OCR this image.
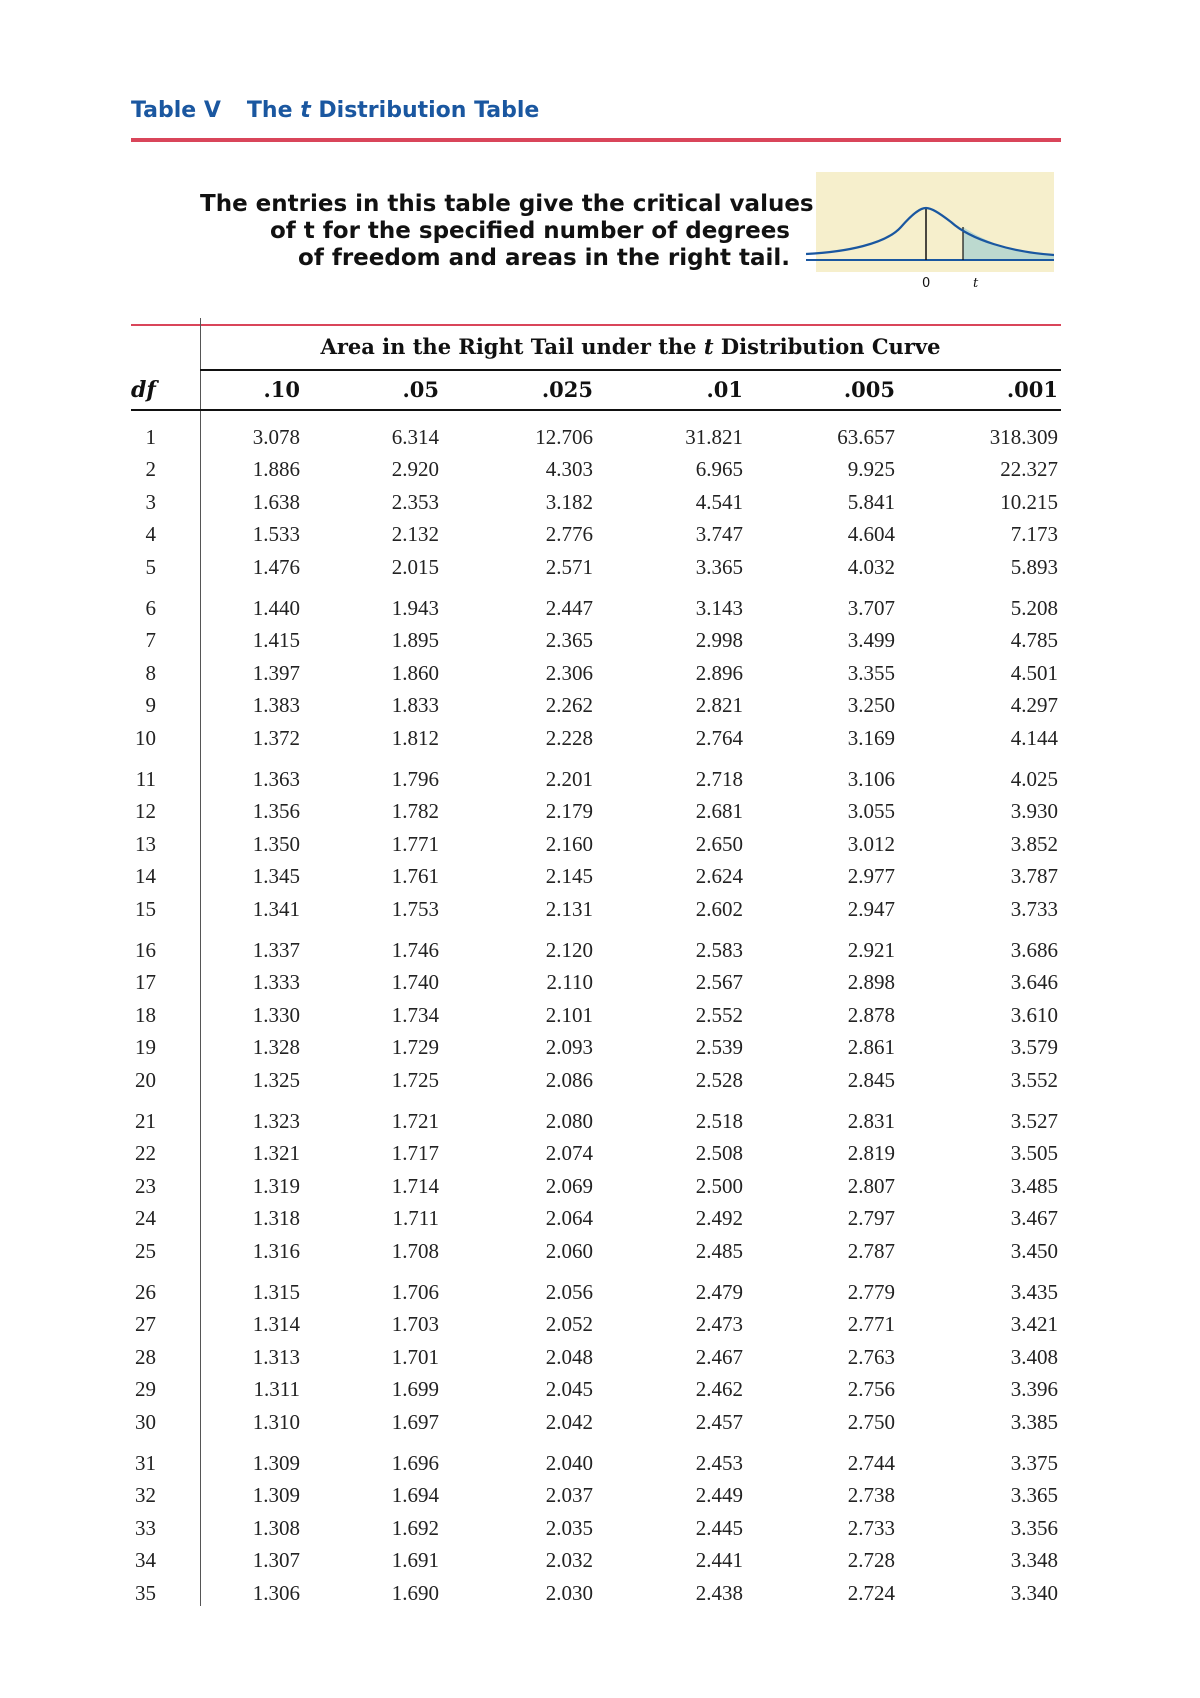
Table V The t Distribution Table
The entries in this table give the critical values
of t for the specified number of degrees
of freedom and areas in the right tail.
0	t
Area in the Right Tail under the t Distribution Curve
df	.10	.05	.025	.01	.005	.001
1	3.078	6.314	12.706	31.821	63.657	318.309
2	1.886	2.920	4.303	6.965	9.925	22.327
3	1.638	2.353	3.182	4.541	5.841	10.215
4	1.533	2.132	2.776	3.747	4.604	7.173
5	1.476	2.015	2.571	3.365	4.032	5.893
6	1.440	1.943	2.447	3.143	3.707	5.208
7	1.415	1.895	2.365	2.998	3.499	4.785
8	1.397	1.860	2.306	2.896	3.355	4.501
9	1.383	1.833	2.262	2.821	3.250	4.297
10	1.372	1.812	2.228	2.764	3.169	4.144
11	1.363	1.796	2.201	2.718	3.106	4.025
12	1.356	1.782	2.179	2.681	3.055	3.930
13	1.350	1.771	2.160	2.650	3.012	3.852
14	1.345	1.761	2.145	2.624	2.977	3.787
15	1.341	1.753	2.131	2.602	2.947	3.733
16	1.337	1.746	2.120	2.583	2.921	3.686
17	1.333	1.740	2.110	2.567	2.898	3.646
18	1.330	1.734	2.101	2.552	2.878	3.610
19	1.328	1.729	2.093	2.539	2.861	3.579
20	1.325	1.725	2.086	2.528	2.845	3.552
21	1.323	1.721	2.080	2.518	2.831	3.527
22	1.321	1.717	2.074	2.508	2.819	3.505
23	1.319	1.714	2.069	2.500	2.807	3.485
24	1.318	1.711	2.064	2.492	2.797	3.467
25	1.316	1.708	2.060	2.485	2.787	3.450
26	1.315	1.706	2.056	2.479	2.779	3.435
27	1.314	1.703	2.052	2.473	2.771	3.421
28	1.313	1.701	2.048	2.467	2.763	3.408
29	1.311	1.699	2.045	2.462	2.756	3.396
30	1.310	1.697	2.042	2.457	2.750	3.385
31	1.309	1.696	2.040	2.453	2.744	3.375
32	1.309	1.694	2.037	2.449	2.738	3.365
33	1.308	1.692	2.035	2.445	2.733	3.356
34	1.307	1.691	2.032	2.441	2.728	3.348
35	1.306	1.690	2.030	2.438	2.724	3.340
